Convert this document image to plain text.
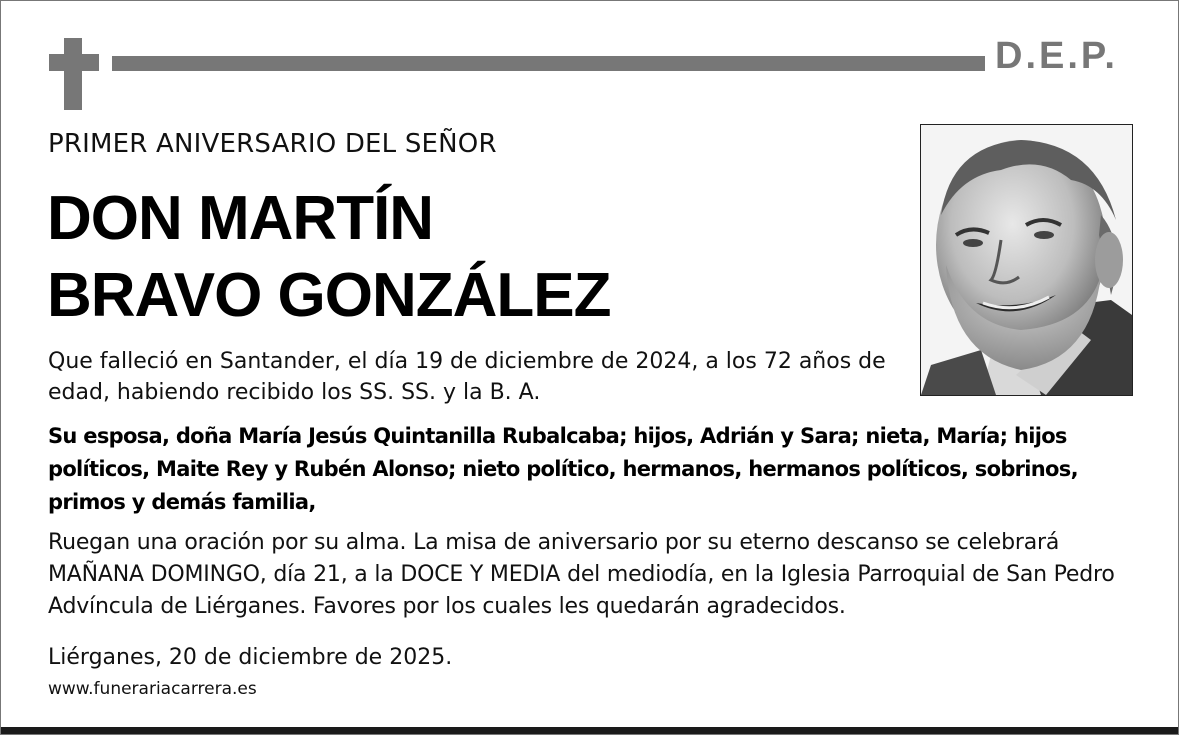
D.E.P.
PRIMER ANIVERSARIO DEL SEÑOR
DON MARTÍN
BRAVO GONZÁLEZ
Que falleció en Santander, el día 19 de diciembre de 2024, a los 72 años de edad, habiendo recibido los SS. SS. y la B. A.
Su esposa, doña María Jesús Quintanilla Rubalcaba; hijos, Adrián y Sara; nieta, María; hijos políticos, Maite Rey y Rubén Alonso; nieto político, hermanos, hermanos políticos, sobrinos, primos y demás familia,
Ruegan una oración por su alma. La misa de aniversario por su eterno descanso se celebrará MAÑANA DOMINGO, día 21, a la DOCE Y MEDIA del mediodía, en la Iglesia Parroquial de San Pedro Advíncula de Liérganes. Favores por los cuales les quedarán agradecidos.
Liérganes, 20 de diciembre de 2025.
www.funerariacarrera.es
